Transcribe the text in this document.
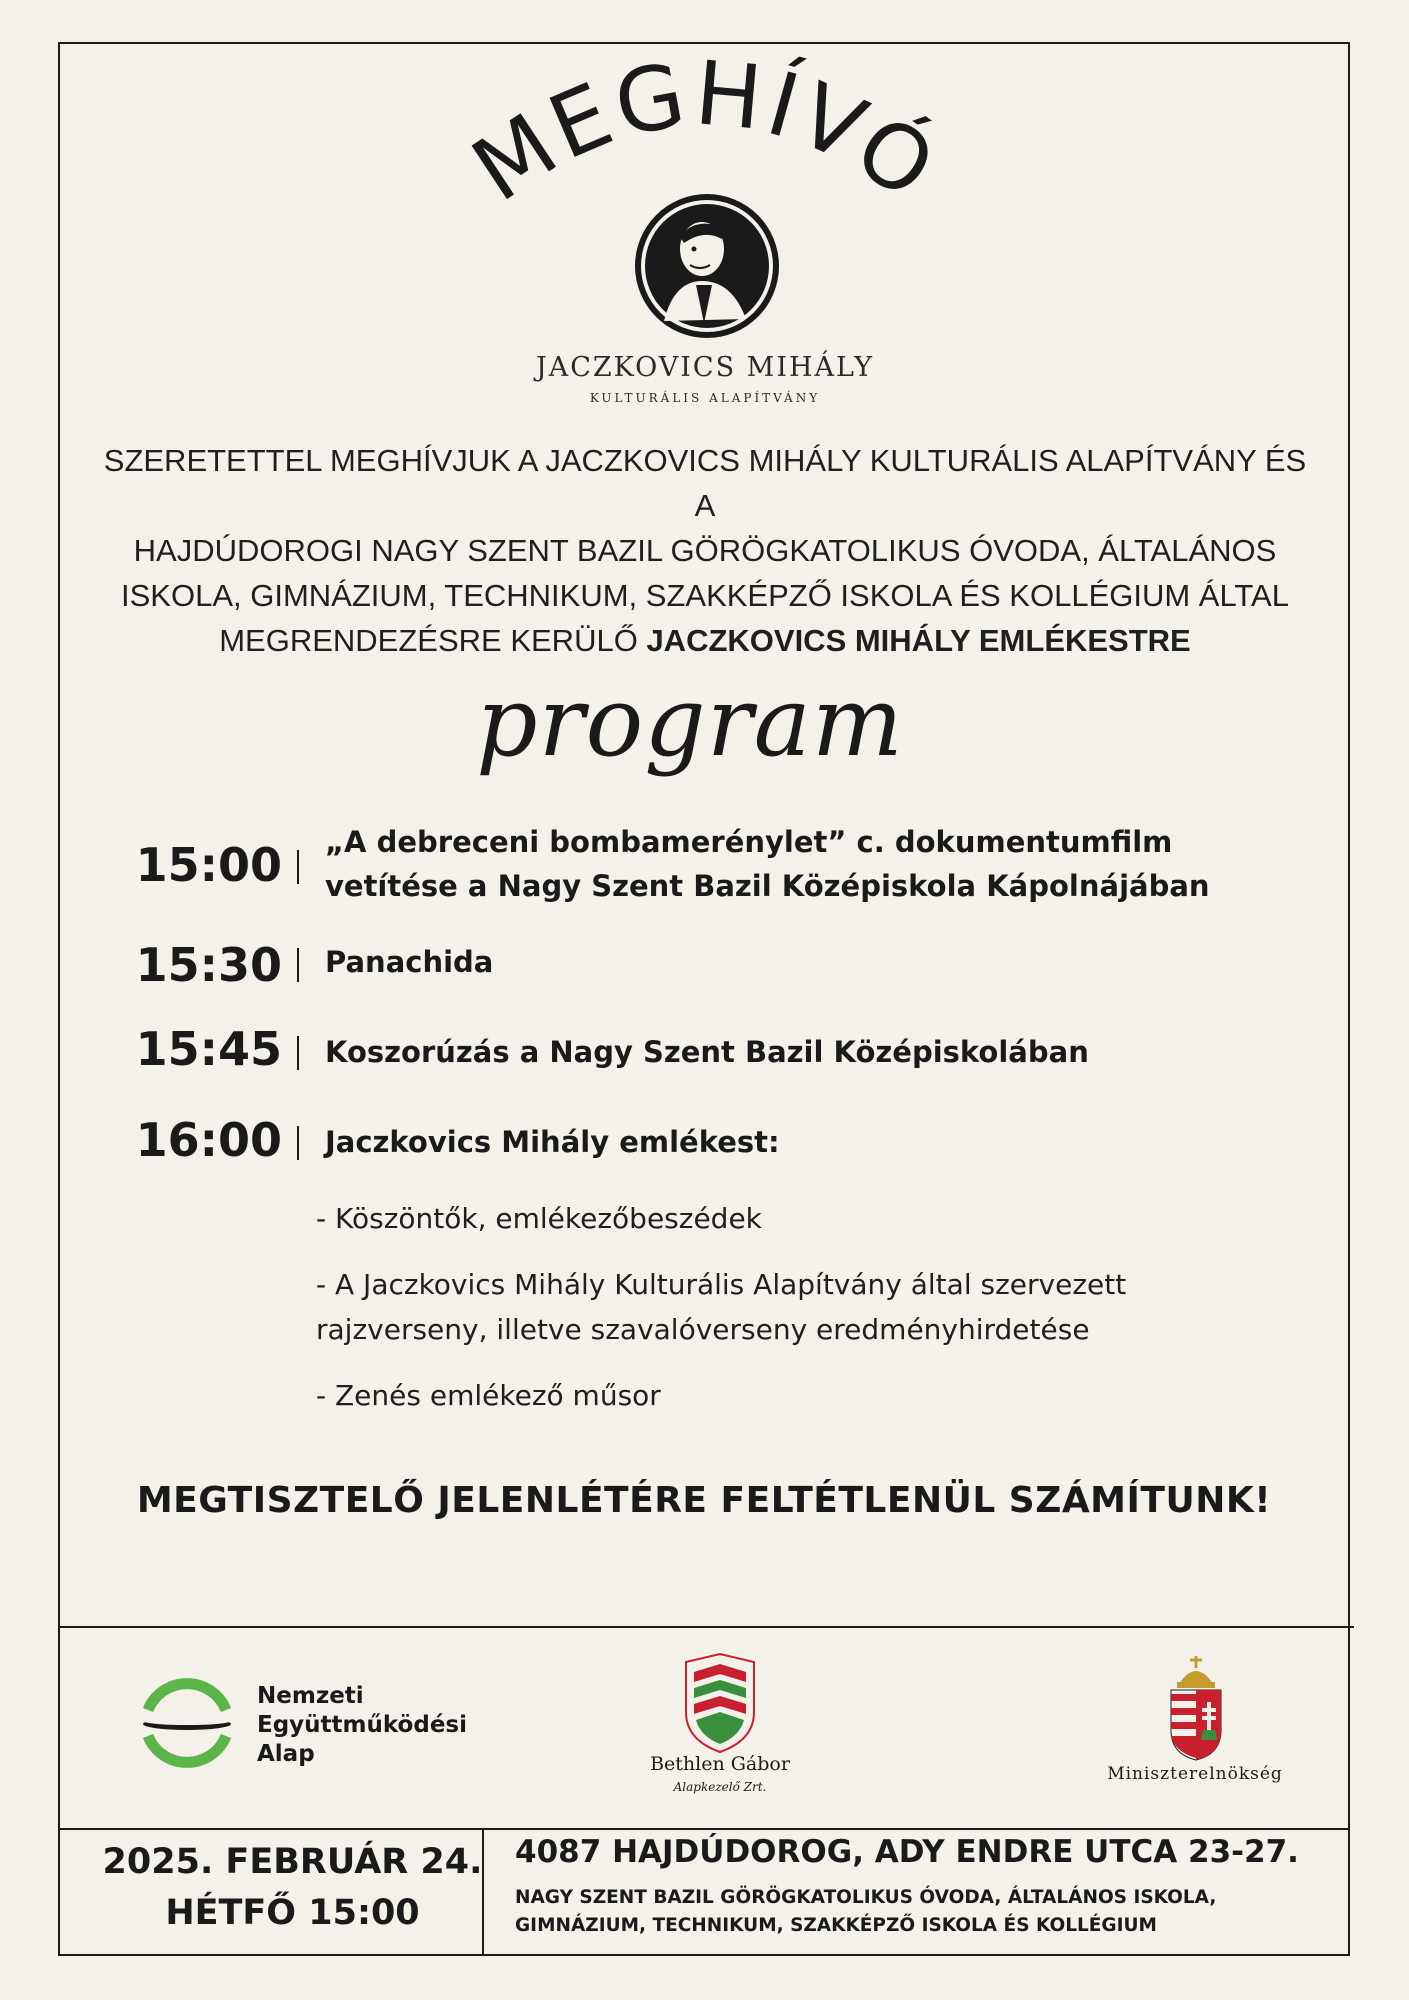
MEGHÍVÓ
JACZKOVICS MIHÁLY
KULTURÁLIS ALAPÍTVÁNY
SZERETETTEL MEGHÍVJUK A JACZKOVICS MIHÁLY KULTURÁLIS ALAPÍTVÁNY ÉS A
HAJDÚDOROGI NAGY SZENT BAZIL GÖRÖGKATOLIKUS ÓVODA, ÁLTALÁNOS
ISKOLA, GIMNÁZIUM, TECHNIKUM, SZAKKÉPZŐ ISKOLA ÉS KOLLÉGIUM ÁLTAL
MEGRENDEZÉSRE KERÜLŐ JACZKOVICS MIHÁLY EMLÉKESTRE
program
15:00 „A debreceni bombamerénylet” c. dokumentumfilm
vetítése a Nagy Szent Bazil Középiskola Kápolnájában
15:30 Panachida
15:45 Koszorúzás a Nagy Szent Bazil Középiskolában
16:00 Jaczkovics Mihály emlékest:
- Köszöntők, emlékezőbeszédek
- A Jaczkovics Mihály Kulturális Alapítvány által szervezett
rajzverseny, illetve szavalóverseny eredményhirdetése
- Zenés emlékező műsor
MEGTISZTELŐ JELENLÉTÉRE FELTÉTLENÜL SZÁMÍTUNK!
Nemzeti
Együttműködési
Alap	Bethlen Gábor
Alapkezelő Zrt.
Miniszterelnökség
2025. FEBRUÁR 24.
HÉTFŐ 15:00
4087 HAJDÚDOROG, ADY ENDRE UTCA 23-27.
NAGY SZENT BAZIL GÖRÖGKATOLIKUS ÓVODA, ÁLTALÁNOS ISKOLA,
GIMNÁZIUM, TECHNIKUM, SZAKKÉPZŐ ISKOLA ÉS KOLLÉGIUM
